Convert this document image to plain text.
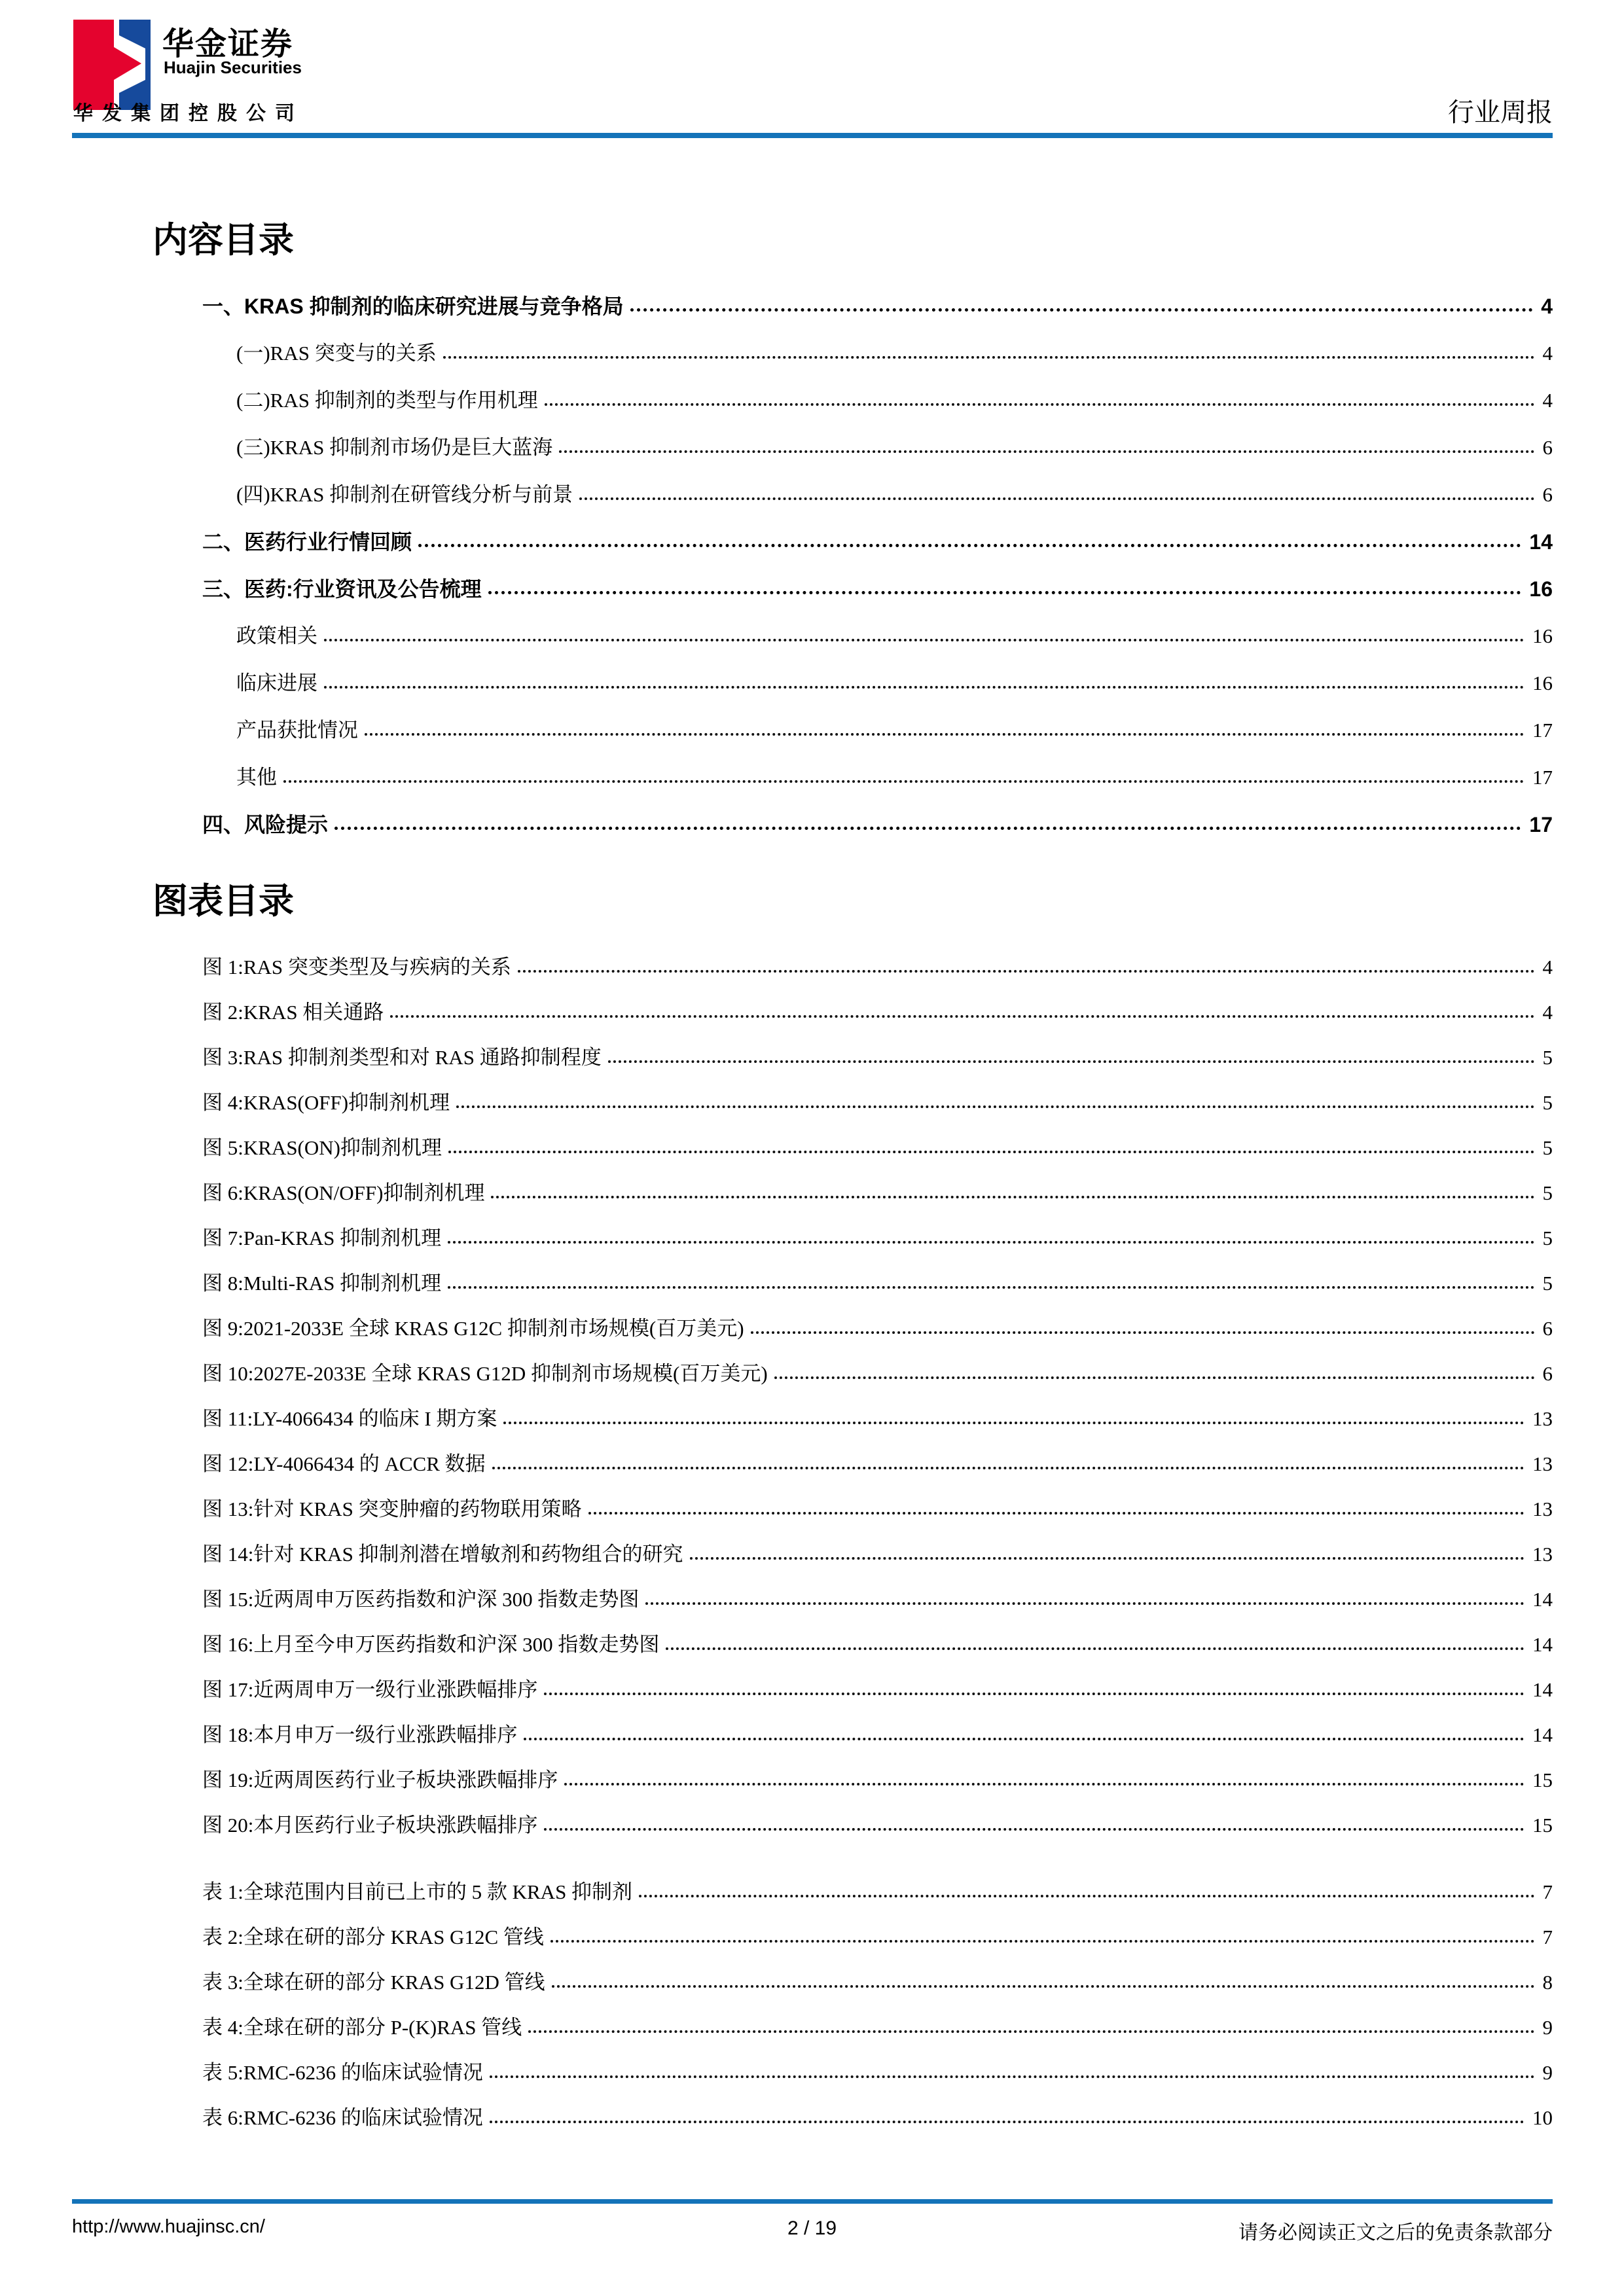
华金证券
Huajin Securities
华发集团控股公司	行业周报
内容目录
一、KRAS 抑制剂的临床研究进展与竞争格局	4
(一)RAS 突变与的关系	4
(二)RAS 抑制剂的类型与作用机理	4
(三)KRAS 抑制剂市场仍是巨大蓝海	6
(四)KRAS 抑制剂在研管线分析与前景	6
二、医药行业行情回顾	14
三、医药:行业资讯及公告梳理	16
政策相关	16
临床进展	16
产品获批情况	17
其他	17
四、风险提示	17
图表目录
图 1:RAS 突变类型及与疾病的关系	4
图 2:KRAS 相关通路	4
图 3:RAS 抑制剂类型和对 RAS 通路抑制程度	5
图 4:KRAS(OFF)抑制剂机理	5
图 5:KRAS(ON)抑制剂机理	5
图 6:KRAS(ON/OFF)抑制剂机理	5
图 7:Pan-KRAS 抑制剂机理	5
图 8:Multi-RAS 抑制剂机理	5
图 9:2021-2033E 全球 KRAS G12C 抑制剂市场规模(百万美元)	6
图 10:2027E-2033E 全球 KRAS G12D 抑制剂市场规模(百万美元)	6
图 11:LY-4066434 的临床 I 期方案	13
图 12:LY-4066434 的 ACCR 数据	13
图 13:针对 KRAS 突变肿瘤的药物联用策略	13
图 14:针对 KRAS 抑制剂潜在增敏剂和药物组合的研究	13
图 15:近两周申万医药指数和沪深 300 指数走势图	14
图 16:上月至今申万医药指数和沪深 300 指数走势图	14
图 17:近两周申万一级行业涨跌幅排序	14
图 18:本月申万一级行业涨跌幅排序	14
图 19:近两周医药行业子板块涨跌幅排序	15
图 20:本月医药行业子板块涨跌幅排序	15
表 1:全球范围内目前已上市的 5 款 KRAS 抑制剂	7
表 2:全球在研的部分 KRAS G12C 管线	7
表 3:全球在研的部分 KRAS G12D 管线	8
表 4:全球在研的部分 P-(K)RAS 管线	9
表 5:RMC-6236 的临床试验情况	9
表 6:RMC-6236 的临床试验情况	10
http://www.huajinsc.cn/	2 / 19	请务必阅读正文之后的免责条款部分
